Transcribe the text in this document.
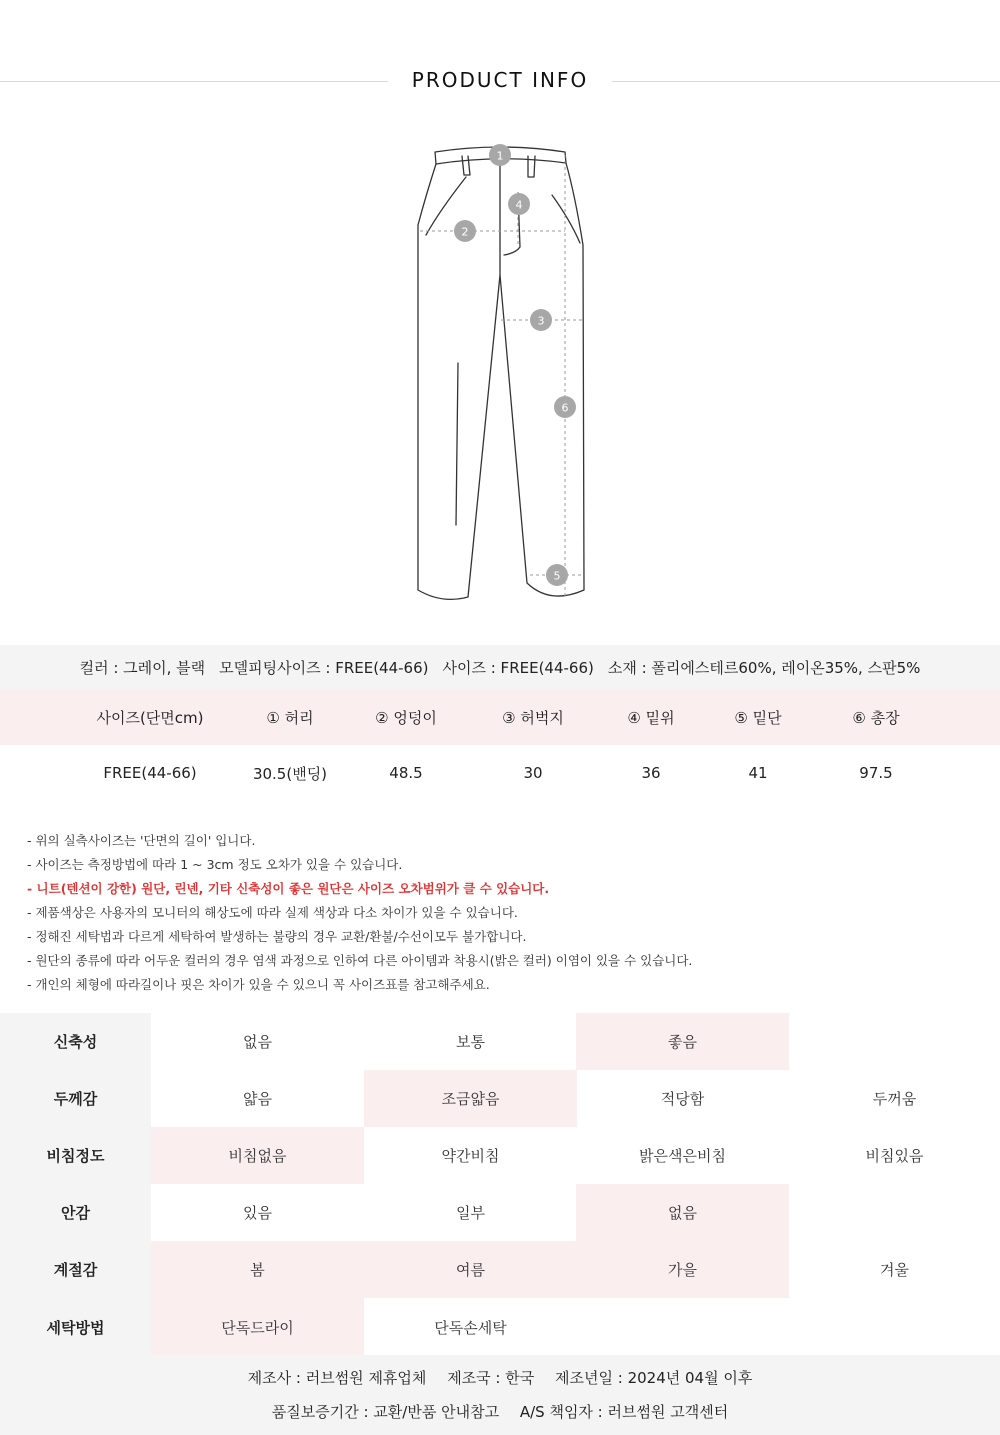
PRODUCT INFO
1
2
3
4
5
6
컬러 : 그레이, 블랙 모델피팅사이즈 : FREE(44-66) 사이즈 : FREE(44-66) 소재 : 폴리에스테르60%, 레이온35%, 스판5%
사이즈(단면cm)	① 허리	② 엉덩이	③ 허벅지	④ 밑위	⑤ 밑단	⑥ 총장
FREE(44-66)	30.5(밴딩)	48.5	30	36	41	97.5
- 위의 실측사이즈는 '단면의 길이' 입니다.
- 사이즈는 측정방법에 따라 1 ~ 3cm 정도 오차가 있을 수 있습니다.
- 니트(텐션이 강한) 원단, 린넨, 기타 신축성이 좋은 원단은 사이즈 오차범위가 클 수 있습니다.
- 제품색상은 사용자의 모니터의 해상도에 따라 실제 색상과 다소 차이가 있을 수 있습니다.
- 정해진 세탁법과 다르게 세탁하여 발생하는 불량의 경우 교환/환불/수선이모두 불가합니다.
- 원단의 종류에 따라 어두운 컬러의 경우 염색 과정으로 인하여 다른 아이템과 착용시(밝은 컬러) 이염이 있을 수 있습니다.
- 개인의 체형에 따라길이나 핏은 차이가 있을 수 있으니 꼭 사이즈표를 참고해주세요.
신축성	없음	보통	좋음
두께감	얇음	조금얇음	적당함	두꺼움
비침정도	비침없음	약간비침	밝은색은비침	비침있음
안감	있음	일부	없음
계절감	봄	여름	가을	겨울
세탁방법	단독드라이	단독손세탁
제조사 : 러브썸원 제휴업체 제조국 : 한국 제조년일 : 2024년 04월 이후
품질보증기간 : 교환/반품 안내참고 A/S 책임자 : 러브썸원 고객센터
